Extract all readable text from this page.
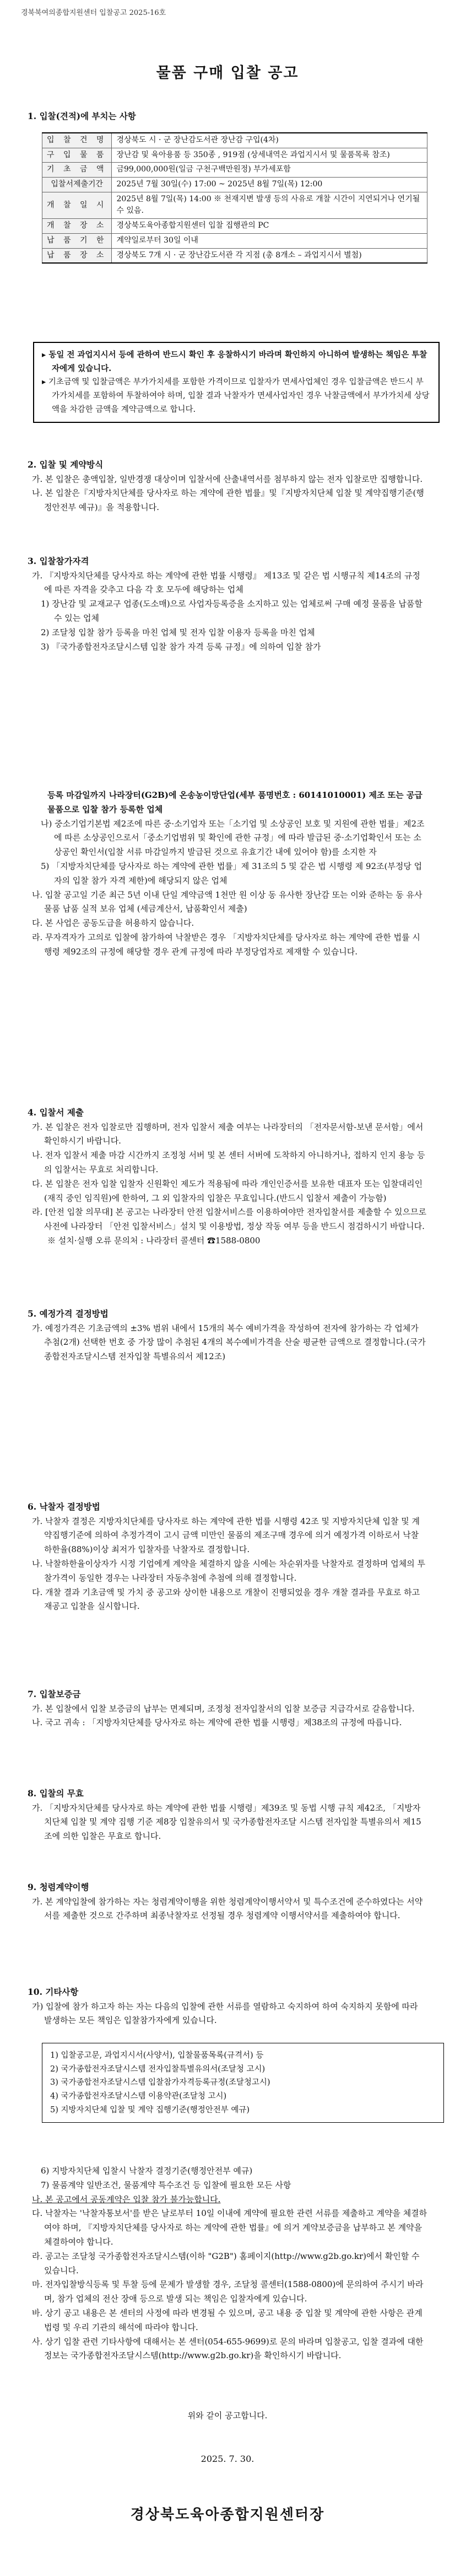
경북북여의종합지원센터 입찰공고 2025-16호
물품 구매 입찰 공고
1. 입찰(견적)에 부치는 사항
입 찰 건 명	경상북도 시 · 군 장난감도서관 장난감 구입(4차)
구 입 물 품	장난감 및 육아용품 등 350종 , 919점 (상세내역은 과업지시서 및 물품목록 참조)
기 초 금 액	금99,000,000원(일금 구천구백만원정) 부가세포함
입찰서제출기간	2025년 7월 30일(수) 17:00 ~ 2025년 8월 7일(목) 12:00
개 찰 일 시	2025년 8월 7일(목) 14:00 ※ 천재지변 발생 등의 사유로 개찰 시간이 지연되거나 연기될 수 있음.
개 찰 장 소	경상북도육아종합지원센터 입찰 집행관의 PC
납 품 기 한	계약일로부터 30일 이내
납 품 장 소	경상북도 7개 시 · 군 장난감도서관 각 지점 (총 8개소 – 과업지시서 별첨)
▸ 동일 전 과업지시서 등에 관하여 반드시 확인 후 응찰하시기 바라며 확인하지 아니하여 발생하는 책임은 투찰자에게 있습니다.
▸ 기초금액 및 입찰금액은 부가가치세를 포함한 가격이므로 입찰자가 면세사업체인 경우 입찰금액은 반드시 부가가치세를 포함하여 투찰하여야 하며, 입찰 결과 낙찰자가 면세사업자인 경우 낙찰금액에서 부가가치세 상당액을 차감한 금액을 계약금액으로 합니다.
2. 입찰 및 계약방식
가. 본 입찰은 총액입찰, 일반경쟁 대상이며 입찰서에 산출내역서를 첨부하지 않는 전자 입찰로만 집행합니다.
나. 본 입찰은『지방자치단체를 당사자로 하는 계약에 관한 법률』및『지방자치단체 입찰 및 계약집행기준(행정안전부 예규)』을 적용합니다.
3. 입찰참가자격
가. 『지방자치단체를 당사자로 하는 계약에 관한 법률 시행령』 제13조 및 같은 법 시행규칙 제14조의 규정에 따른 자격을 갖추고 다음 각 호 모두에 해당하는 업체
1) 장난감 및 교재교구 업종(도소매)으로 사업자등록증을 소지하고 있는 업체로써 구매 예정 물품을 납품할 수 있는 업체
2) 조달청 입찰 참가 등록을 마친 업체 및 전자 입찰 이용자 등록을 마친 업체
3) 『국가종합전자조달시스템 입찰 참가 자격 등록 규정』에 의하여 입찰 참가
등록 마감일까지 나라장터(G2B)에 온송농이망단업(세부 품명번호 : 60141010001) 제조 또는 공급 물품으로 입찰 참가 등록한 업체
나) 중소기업기본법 제2조에 따른 중·소기업자 또는「소기업 및 소상공인 보호 및 지원에 관한 법률」제2조에 따른 소상공인으로서「중소기업범위 및 확인에 관한 규정」에 따라 발급된 중·소기업확인서 또는 소상공인 확인서(입찰 서류 마감일까지 발급된 것으로 유효기간 내에 있어야 함)를 소지한 자
5) 「지방자치단체를 당사자로 하는 계약에 관한 법률」제 31조의 5 및 같은 법 시행령 제 92조(부정당 업자의 입찰 참가 자격 제한)에 해당되지 않은 업체
나. 입찰 공고일 기준 최근 5년 이내 단일 계약금액 1천만 원 이상 동 유사한 장난감 또는 이와 준하는 동 유사물품 납품 실적 보유 업체 (세금계산서, 납품확인서 제출)
다. 본 사업은 공동도급을 허용하지 않습니다.
라. 무자격자가 고의로 입찰에 참가하여 낙찰받은 경우 「지방자치단체를 당사자로 하는 계약에 관한 법률 시행령 제92조의 규정에 해당할 경우 관계 규정에 따라 부정당업자로 제재할 수 있습니다.
4. 입찰서 제출
가. 본 입찰은 전자 입찰로만 집행하며, 전자 입찰서 제출 여부는 나라장터의 「전자문서함-보낸 문서함」에서 확인하시기 바랍니다.
나. 전자 입찰서 제출 마감 시간까지 조정청 서버 및 본 센터 서버에 도착하지 아니하거나, 접하지 인지 용능 등의 입찰서는 무효로 처리합니다.
다. 본 입찰은 전자 입찰 입찰자 신원확인 제도가 적용됨에 따라 개인인증서를 보유한 대표자 또는 입찰대리인(재직 중인 임직원)에 한하여, 그 외 입찰자의 입찰은 무효입니다.(반드시 입찰서 제출이 가능함)
라. [안전 입찰 의무대] 본 공고는 나라장터 안전 입찰서비스를 이용하여야만 전자입찰서를 제출할 수 있으므로 사전에 나라장터 「안전 입찰서비스」설치 및 이용방법, 정상 작동 여부 등을 반드시 점검하시기 바랍니다.
※ 설치·실행 오류 문의처 : 나라장터 콜센터 ☎1588-0800
5. 예정가격 결정방법
가. 예정가격은 기초금액의 ±3% 범위 내에서 15개의 복수 예비가격을 작성하여 전자에 참가하는 각 업체가 추첨(2개) 선택한 번호 중 가장 많이 추첨된 4개의 복수예비가격을 산술 평균한 금액으로 결정합니다.(국가종합전자조달시스템 전자입찰 특별유의서 제12조)
6. 낙찰자 결정방법
가. 낙찰자 결정은 지방자치단체를 당사자로 하는 계약에 관한 법률 시행령 42조 및 지방자치단체 입찰 및 계약집행기준에 의하여 추정가격이 고시 금액 미만인 물품의 제조구매 경우에 의거 예정가격 이하로서 낙찰 하한율(88%)이상 최저가 입찰자를 낙찰자로 결정합니다.
나. 낙찰하한율이상자가 시정 기업에게 계약을 체결하지 않을 시에는 차순위자를 낙찰자로 결정하며 업체의 투찰가격이 동일한 경우는 나라장터 자동추첨에 추첨에 의해 결정합니다.
다. 개찰 결과 기초금액 및 가치 중 공고와 상이한 내용으로 개찰이 진행되었을 경우 개찰 결과를 무효로 하고 재공고 입찰을 실시합니다.
7. 입찰보증금
가. 본 입찰에서 입찰 보증금의 납부는 면제되며, 조정청 전자입찰서의 입찰 보증금 지급각서로 갈음합니다.
나. 국고 귀속 : 「지방자치단체를 당사자로 하는 계약에 관한 법률 시행령」제38조의 규정에 따릅니다.
8. 입찰의 무효
가. 「지방자치단체를 당사자로 하는 계약에 관한 법률 시행령」제39조 및 동법 시행 규칙 제42조, 「지방자치단체 입찰 및 계약 집행 기준 제8장 입찰유의서 및 국가종합전자조달 시스템 전자입찰 특별유의서 제15조에 의한 입찰은 무효로 합니다.
9. 청렴계약이행
가. 본 계약입찰에 참가하는 자는 청렴계약이행을 위한 청렴계약이행서약서 및 특수조건에 준수하였다는 서약서를 제출한 것으로 간주하며 최종낙찰자로 선정될 경우 청렴계약 이행서약서를 제출하여야 합니다.
10. 기타사항
가) 입찰에 참가 하고자 하는 자는 다음의 입찰에 관한 서류를 열람하고 숙지하여 하여 숙지하지 못함에 따라 발생하는 모든 책임은 입찰참가자에게 있습니다.
1) 입찰공고문, 과업지시서(사양서), 입찰물품목록(규격서) 등
2) 국가종합전자조달시스템 전자입찰특별유의서(조달청 고시)
3) 국가종합전자조달시스템 입찰참가자격등록규정(조달청고시)
4) 국가종합전자조달시스템 이용약관(조달청 고시)
5) 지방자치단체 입찰 및 계약 집행기준(행정안전부 예규)
6) 지방자치단체 입찰시 낙찰자 결정기준(행정안전부 예규)
7) 물품계약 일반조건, 물품계약 특수조건 등 입찰에 필요한 모든 사항
나. 본 공고에서 공동계약은 입찰 참가 불가능합니다.
다. 낙찰자는 '낙찰자통보서'를 받은 날로부터 10일 이내에 계약에 필요한 관련 서류를 제출하고 계약을 체결하여야 하며, 『지방자치단체를 당사자로 하는 계약에 관한 법률』에 의거 계약보증금을 납부하고 본 계약을 체결하여야 합니다.
라. 공고는 조달청 국가종합전자조달시스템(이하 "G2B") 홈페이지(http://www.g2b.go.kr)에서 확인할 수 있습니다.
마. 전자입찰방식등록 및 투찰 등에 문제가 발생할 경우, 조달청 콜센터(1588-0800)에 문의하여 주시기 바라며, 참가 업체의 전산 장애 등으로 발생 되는 책임은 입찰자에게 있습니다.
바. 상기 공고 내용은 본 센터의 사정에 따라 변경될 수 있으며, 공고 내용 중 입찰 및 계약에 관한 사항은 관계 법령 및 우리 기관의 해석에 따라야 합니다.
사. 상기 입찰 관련 기타사항에 대해서는 본 센터(054-655-9699)로 문의 바라며 입찰공고, 입찰 결과에 대한 정보는 국가종합전자조달시스템(http://www.g2b.go.kr)을 확인하시기 바랍니다.
위와 같이 공고합니다.
2025. 7. 30.
경상북도육아종합지원센터장
